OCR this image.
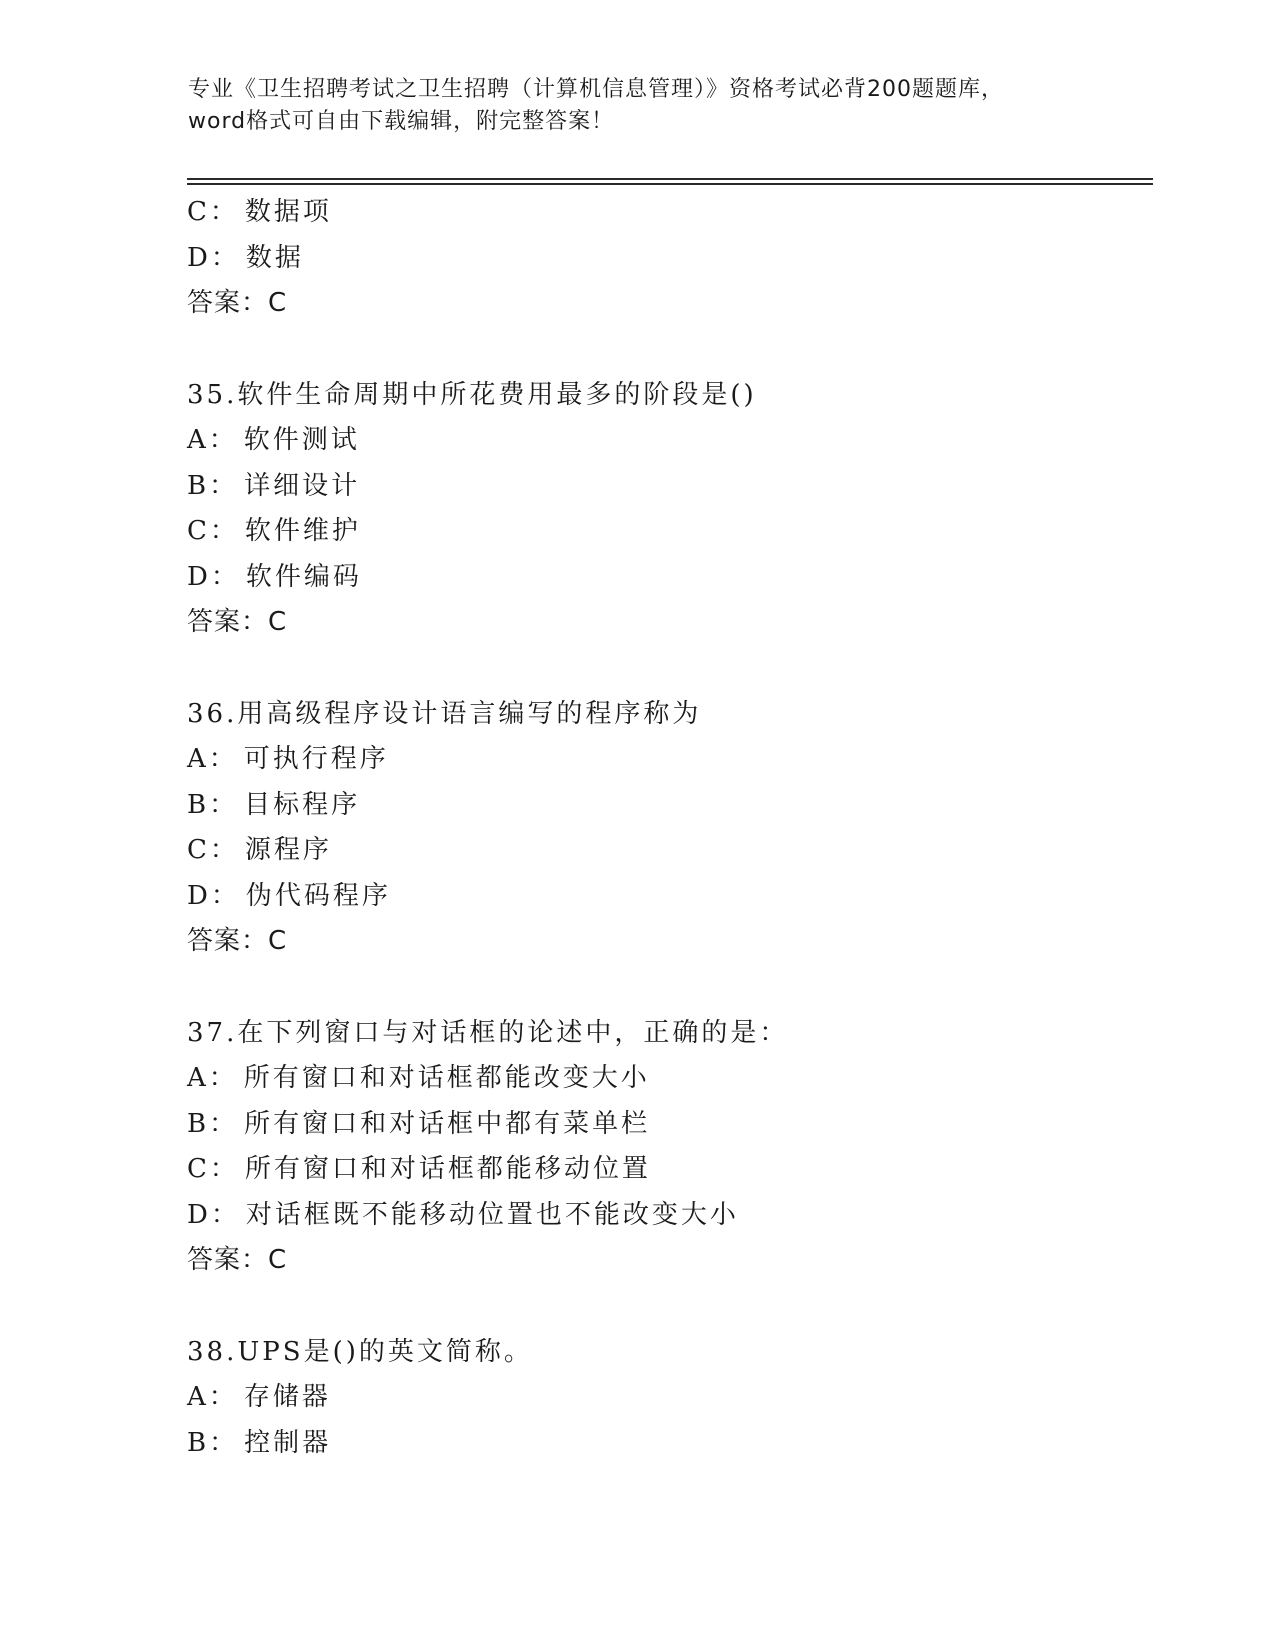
专业《卫生招聘考试之卫生招聘（计算机信息管理）》资格考试必背200题题库，
word格式可自由下载编辑，附完整答案！
C： 数据项
D： 数据
答案：C
35.软件生命周期中所花费用最多的阶段是()
A： 软件测试
B： 详细设计
C： 软件维护
D： 软件编码
答案：C
36.用高级程序设计语言编写的程序称为
A： 可执行程序
B： 目标程序
C： 源程序
D： 伪代码程序
答案：C
37.在下列窗口与对话框的论述中，正确的是：
A： 所有窗口和对话框都能改变大小
B： 所有窗口和对话框中都有菜单栏
C： 所有窗口和对话框都能移动位置
D： 对话框既不能移动位置也不能改变大小
答案：C
38.UPS是()的英文简称。
A： 存储器
B： 控制器
